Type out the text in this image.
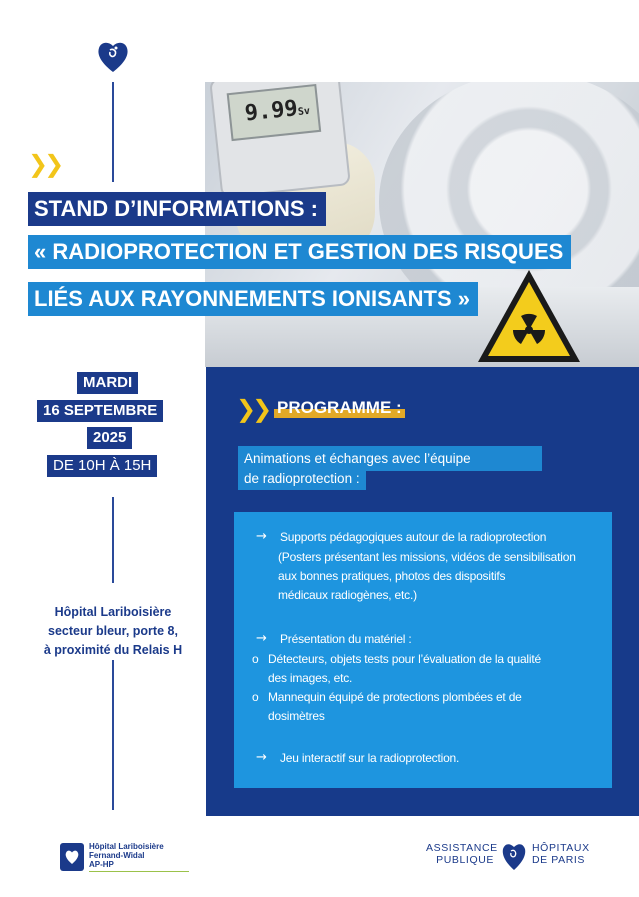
9.99Sv
❯❯
STAND D’INFORMATIONS :
« RADIOPROTECTION ET GESTION DES RISQUES
LIÉS AUX RAYONNEMENTS IONISANTS »
MARDI
16 SEPTEMBRE
2025
DE 10H À 15H
Hôpital Lariboisière
secteur bleur, porte 8,
à proximité du Relais H
❯❯ PROGRAMME :
Animations et échanges avec l’équipe
de radioprotection :
→ Supports pédagogiques autour de la radioprotection
(Posters présentant les missions, vidéos de sensibilisation
aux bonnes pratiques, photos des dispositifs
médicaux radiogènes, etc.)
→ Présentation du matériel :
o Détecteurs, objets tests pour l’évaluation de la qualité
des images, etc.
o Mannequin équipé de protections plombées et de
dosimètres
→ Jeu interactif sur la radioprotection.
Hôpital Lariboisière
Fernand-Widal
AP-HP
ASSISTANCE
PUBLIQUE
HÔPITAUX
DE PARIS
